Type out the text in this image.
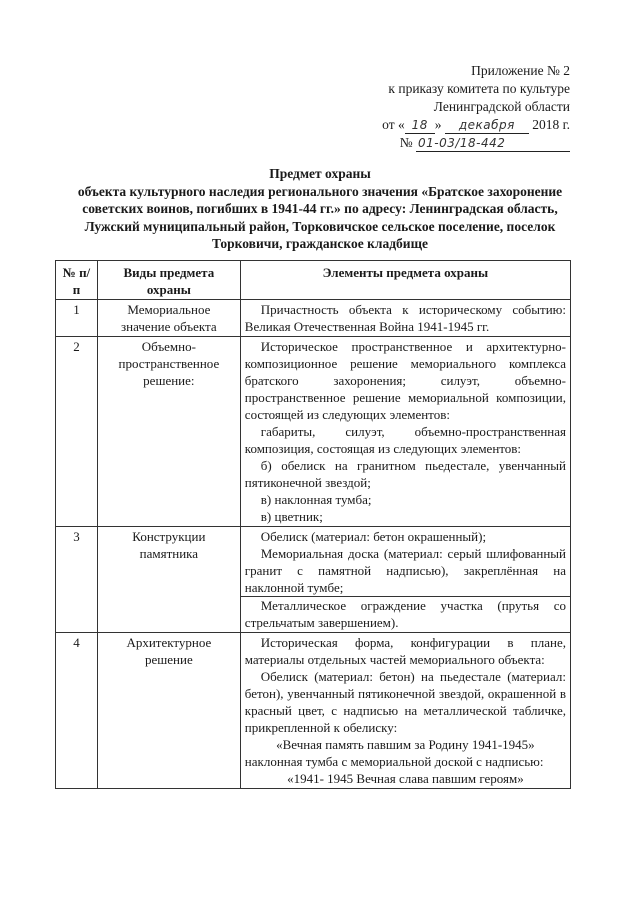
Приложение № 2
к приказу комитета по культуре
Ленинградской области
от « 18 » декабря 2018 г.
№ 01-03/18-442
Предмет охраны
объекта культурного наследия регионального значения «Братское захоронение советских воинов, погибших в 1941-44 гг.» по адресу: Ленинградская область, Лужский муниципальный район, Торковичское сельское поселение, поселок Торковичи, гражданское кладбище
№ п/п	Виды предмета охраны	Элементы предмета охраны
1	Мемориальное значение объекта	Причастность объекта к историческому событию: Великая Отечественная Война 1941-1945 гг.

2	Объемно-пространственное решение:	Историческое пространственное и архитектурно-композиционное решение мемориального комплекса братского захоронения; силуэт, объемно-пространственное решение мемориальной композиции, состоящей из следующих элементов:
габариты, силуэт, объемно-пространственная композиция, состоящая из следующих элементов:
б) обелиск на гранитном пьедестале, увенчанный пятиконечной звездой;
в) наклонная тумба;
в) цветник;

3	Конструкции памятника	Обелиск (материал: бетон окрашенный);
Мемориальная доска (материал: серый шлифованный гранит с памятной надписью), закреплённая на наклонной тумбе;
Металлическое ограждение участка (прутья со стрельчатым завершением).

4	Архитектурное решение	Историческая форма, конфигурации в плане, материалы отдельных частей мемориального объекта:
Обелиск (материал: бетон) на пьедестале (материал: бетон), увенчанный пятиконечной звездой, окрашенной в красный цвет, с надписью на металлической табличке, прикрепленной к обелиску:
«Вечная память павшим за Родину 1941-1945»
наклонная тумба с мемориальной доской с надписью:
«1941- 1945 Вечная слава павшим героям»
